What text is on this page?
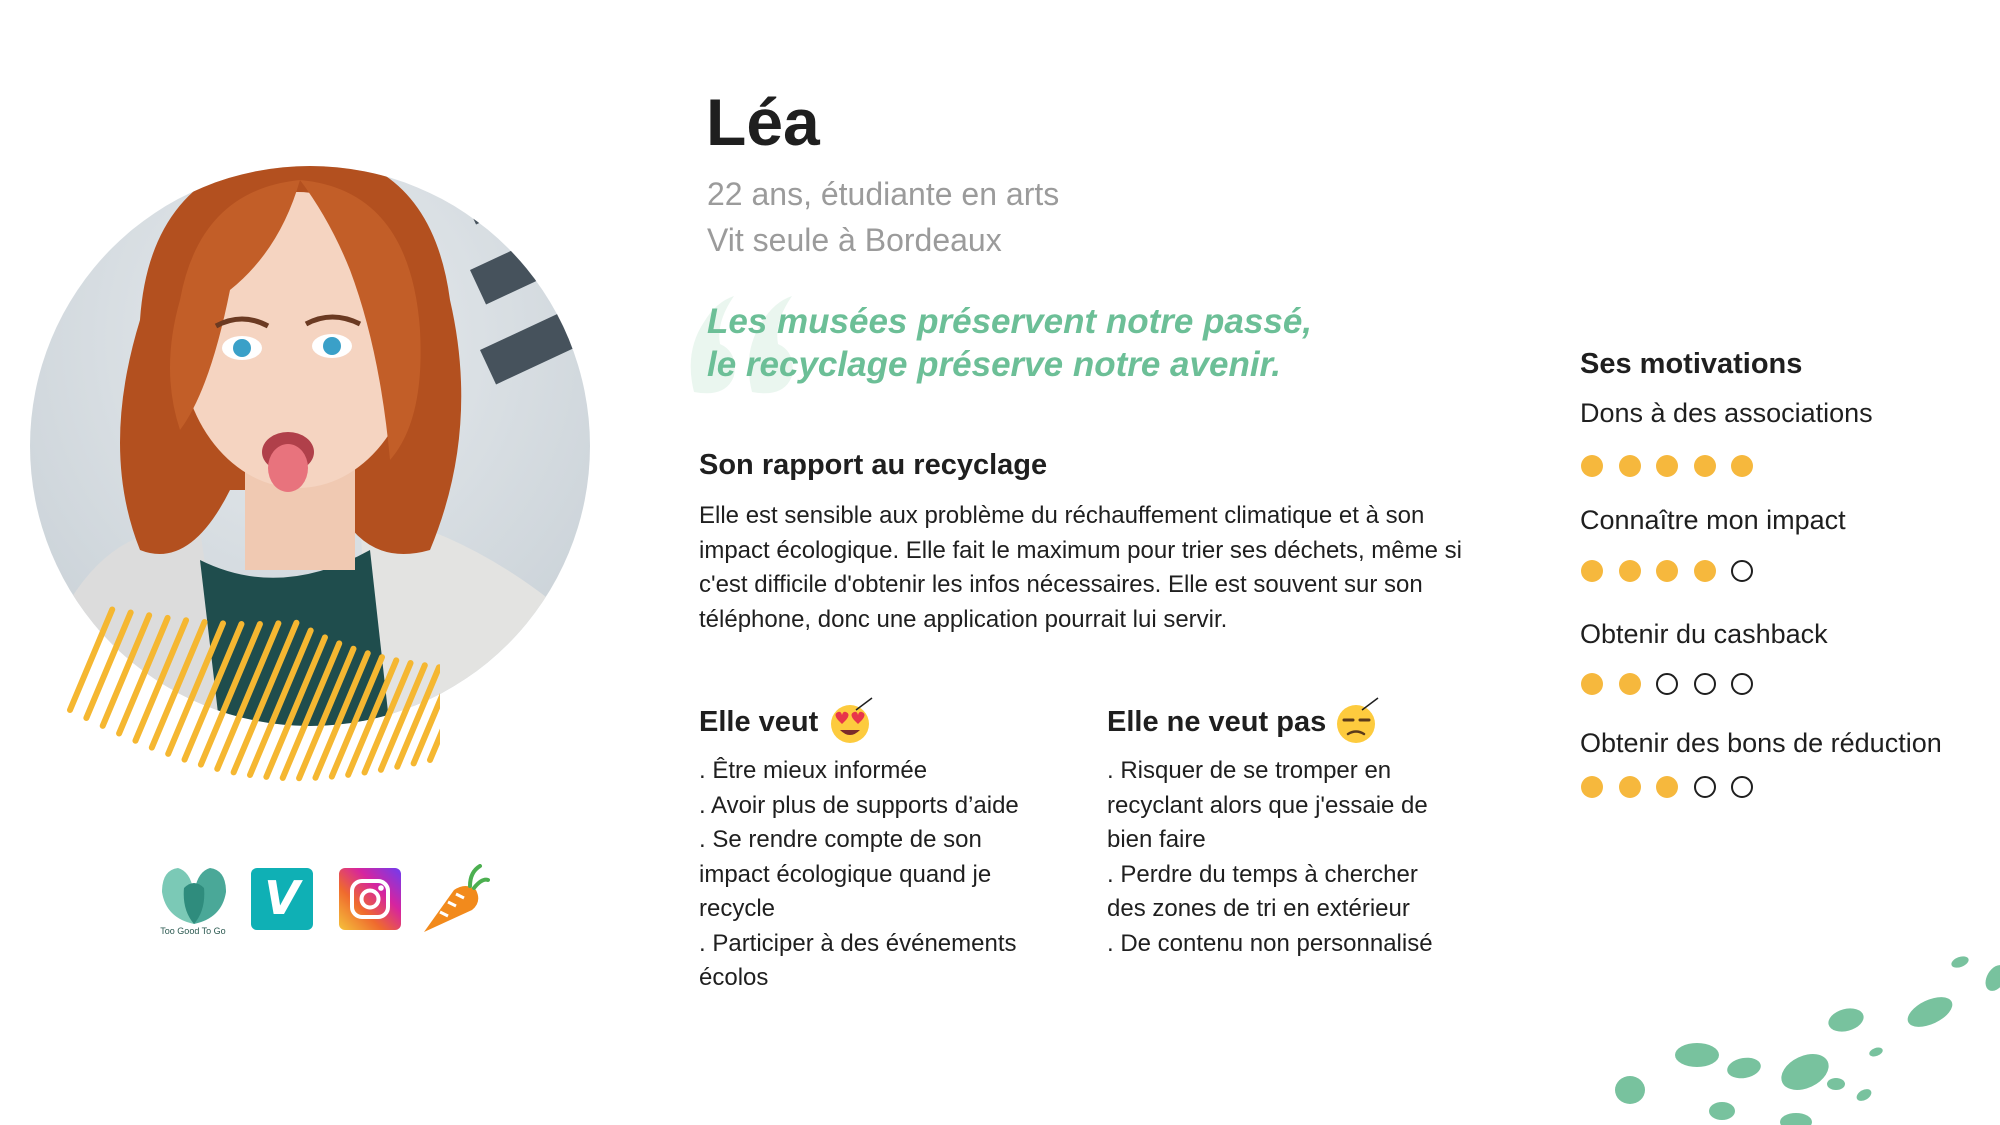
Too Good To Go
V
Léa
22 ans, étudiante en arts
Vit seule à Bordeaux
Les musées préservent notre passé,
le recyclage préserve notre avenir.
Son rapport au recyclage
Elle est sensible aux problème du réchauffement climatique et à son impact écologique. Elle fait le maximum pour trier ses déchets, même si c'est difficile d'obtenir les infos nécessaires. Elle est souvent sur son téléphone, donc une application pourrait lui servir.
Elle veut
. Être mieux informée
. Avoir plus de supports d’aide
. Se rendre compte de son impact écologique quand je recycle
. Participer à des événements écolos
Elle ne veut pas
. Risquer de se tromper en recyclant alors que j'essaie de bien faire
. Perdre du temps à chercher des zones de tri en extérieur
. De contenu non personnalisé
Ses motivations
Dons à des associations
Connaître mon impact
Obtenir du cashback
Obtenir des bons de réduction
